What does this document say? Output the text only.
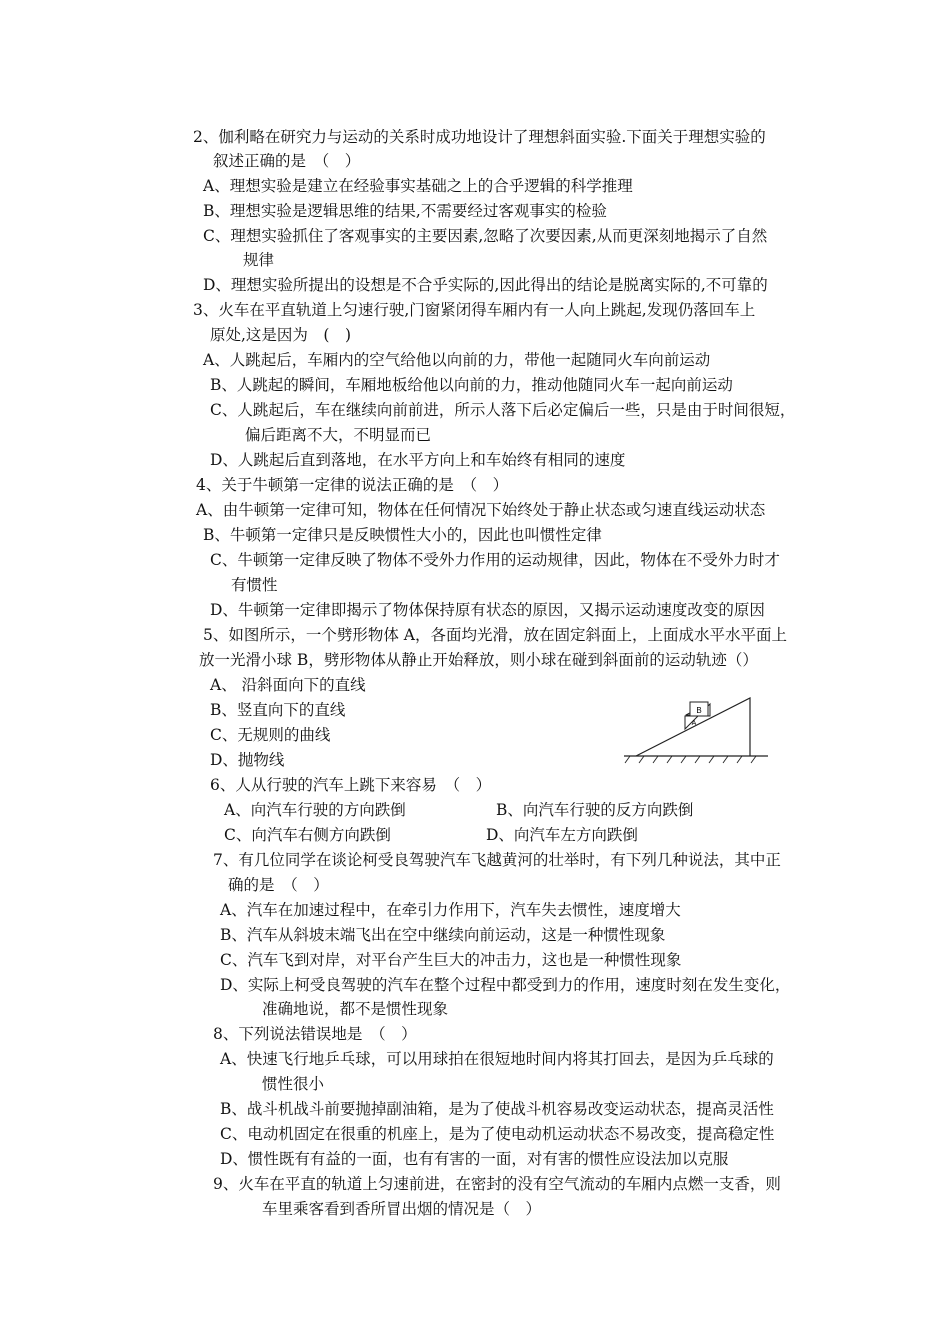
2、伽利略在研究力与运动的关系时成功地设计了理想斜面实验.下面关于理想实验的
叙述正确的是　（　）
A、理想实验是建立在经验事实基础之上的合乎逻辑的科学推理
B、理想实验是逻辑思维的结果,不需要经过客观事实的检验
C、理想实验抓住了客观事实的主要因素,忽略了次要因素,从而更深刻地揭示了自然
规律
D、理想实验所提出的设想是不合乎实际的,因此得出的结论是脱离实际的,不可靠的
3、火车在平直轨道上匀速行驶,门窗紧闭得车厢内有一人向上跳起,发现仍落回车上
原处,这是因为　(　)
A、人跳起后，车厢内的空气给他以向前的力，带他一起随同火车向前运动
B、人跳起的瞬间，车厢地板给他以向前的力，推动他随同火车一起向前运动
C、人跳起后，车在继续向前前进，所示人落下后必定偏后一些，只是由于时间很短，
偏后距离不大，不明显而已
D、人跳起后直到落地，在水平方向上和车始终有相同的速度
4、关于牛顿第一定律的说法正确的是　（　）
A、由牛顿第一定律可知，物体在任何情况下始终处于静止状态或匀速直线运动状态
B、牛顿第一定律只是反映惯性大小的，因此也叫惯性定律
C、牛顿第一定律反映了物体不受外力作用的运动规律，因此，物体在不受外力时才
有惯性
D、牛顿第一定律即揭示了物体保持原有状态的原因，又揭示运动速度改变的原因
5、如图所示，一个劈形物体 A，各面均光滑，放在固定斜面上，上面成水平水平面上
放一光滑小球 B，劈形物体从静止开始释放，则小球在碰到斜面前的运动轨迹（）
A、 沿斜面向下的直线
B、竖直向下的直线
C、无规则的曲线
D、抛物线
6、人从行驶的汽车上跳下来容易　（　）
A、向汽车行驶的方向跌倒	B、向汽车行驶的反方向跌倒
C、向汽车右侧方向跌倒	D、向汽车左方向跌倒
7、有几位同学在谈论柯受良驾驶汽车飞越黄河的壮举时，有下列几种说法，其中正
确的是　（　）
A、汽车在加速过程中，在牵引力作用下，汽车失去惯性，速度增大
B、汽车从斜坡末端飞出在空中继续向前运动，这是一种惯性现象
C、汽车飞到对岸，对平台产生巨大的冲击力，这也是一种惯性现象
D、实际上柯受良驾驶的汽车在整个过程中都受到力的作用，速度时刻在发生变化，
准确地说，都不是惯性现象
8、下列说法错误地是　（　）
A、快速飞行地乒乓球，可以用球拍在很短地时间内将其打回去，是因为乒乓球的
惯性很小
B、战斗机战斗前要抛掉副油箱，是为了使战斗机容易改变运动状态，提高灵活性
C、电动机固定在很重的机座上，是为了使电动机运动状态不易改变，提高稳定性
D、惯性既有有益的一面，也有有害的一面，对有害的惯性应设法加以克服
9、火车在平直的轨道上匀速前进，在密封的没有空气流动的车厢内点燃一支香，则
车里乘客看到香所冒出烟的情况是（　）
B
A
